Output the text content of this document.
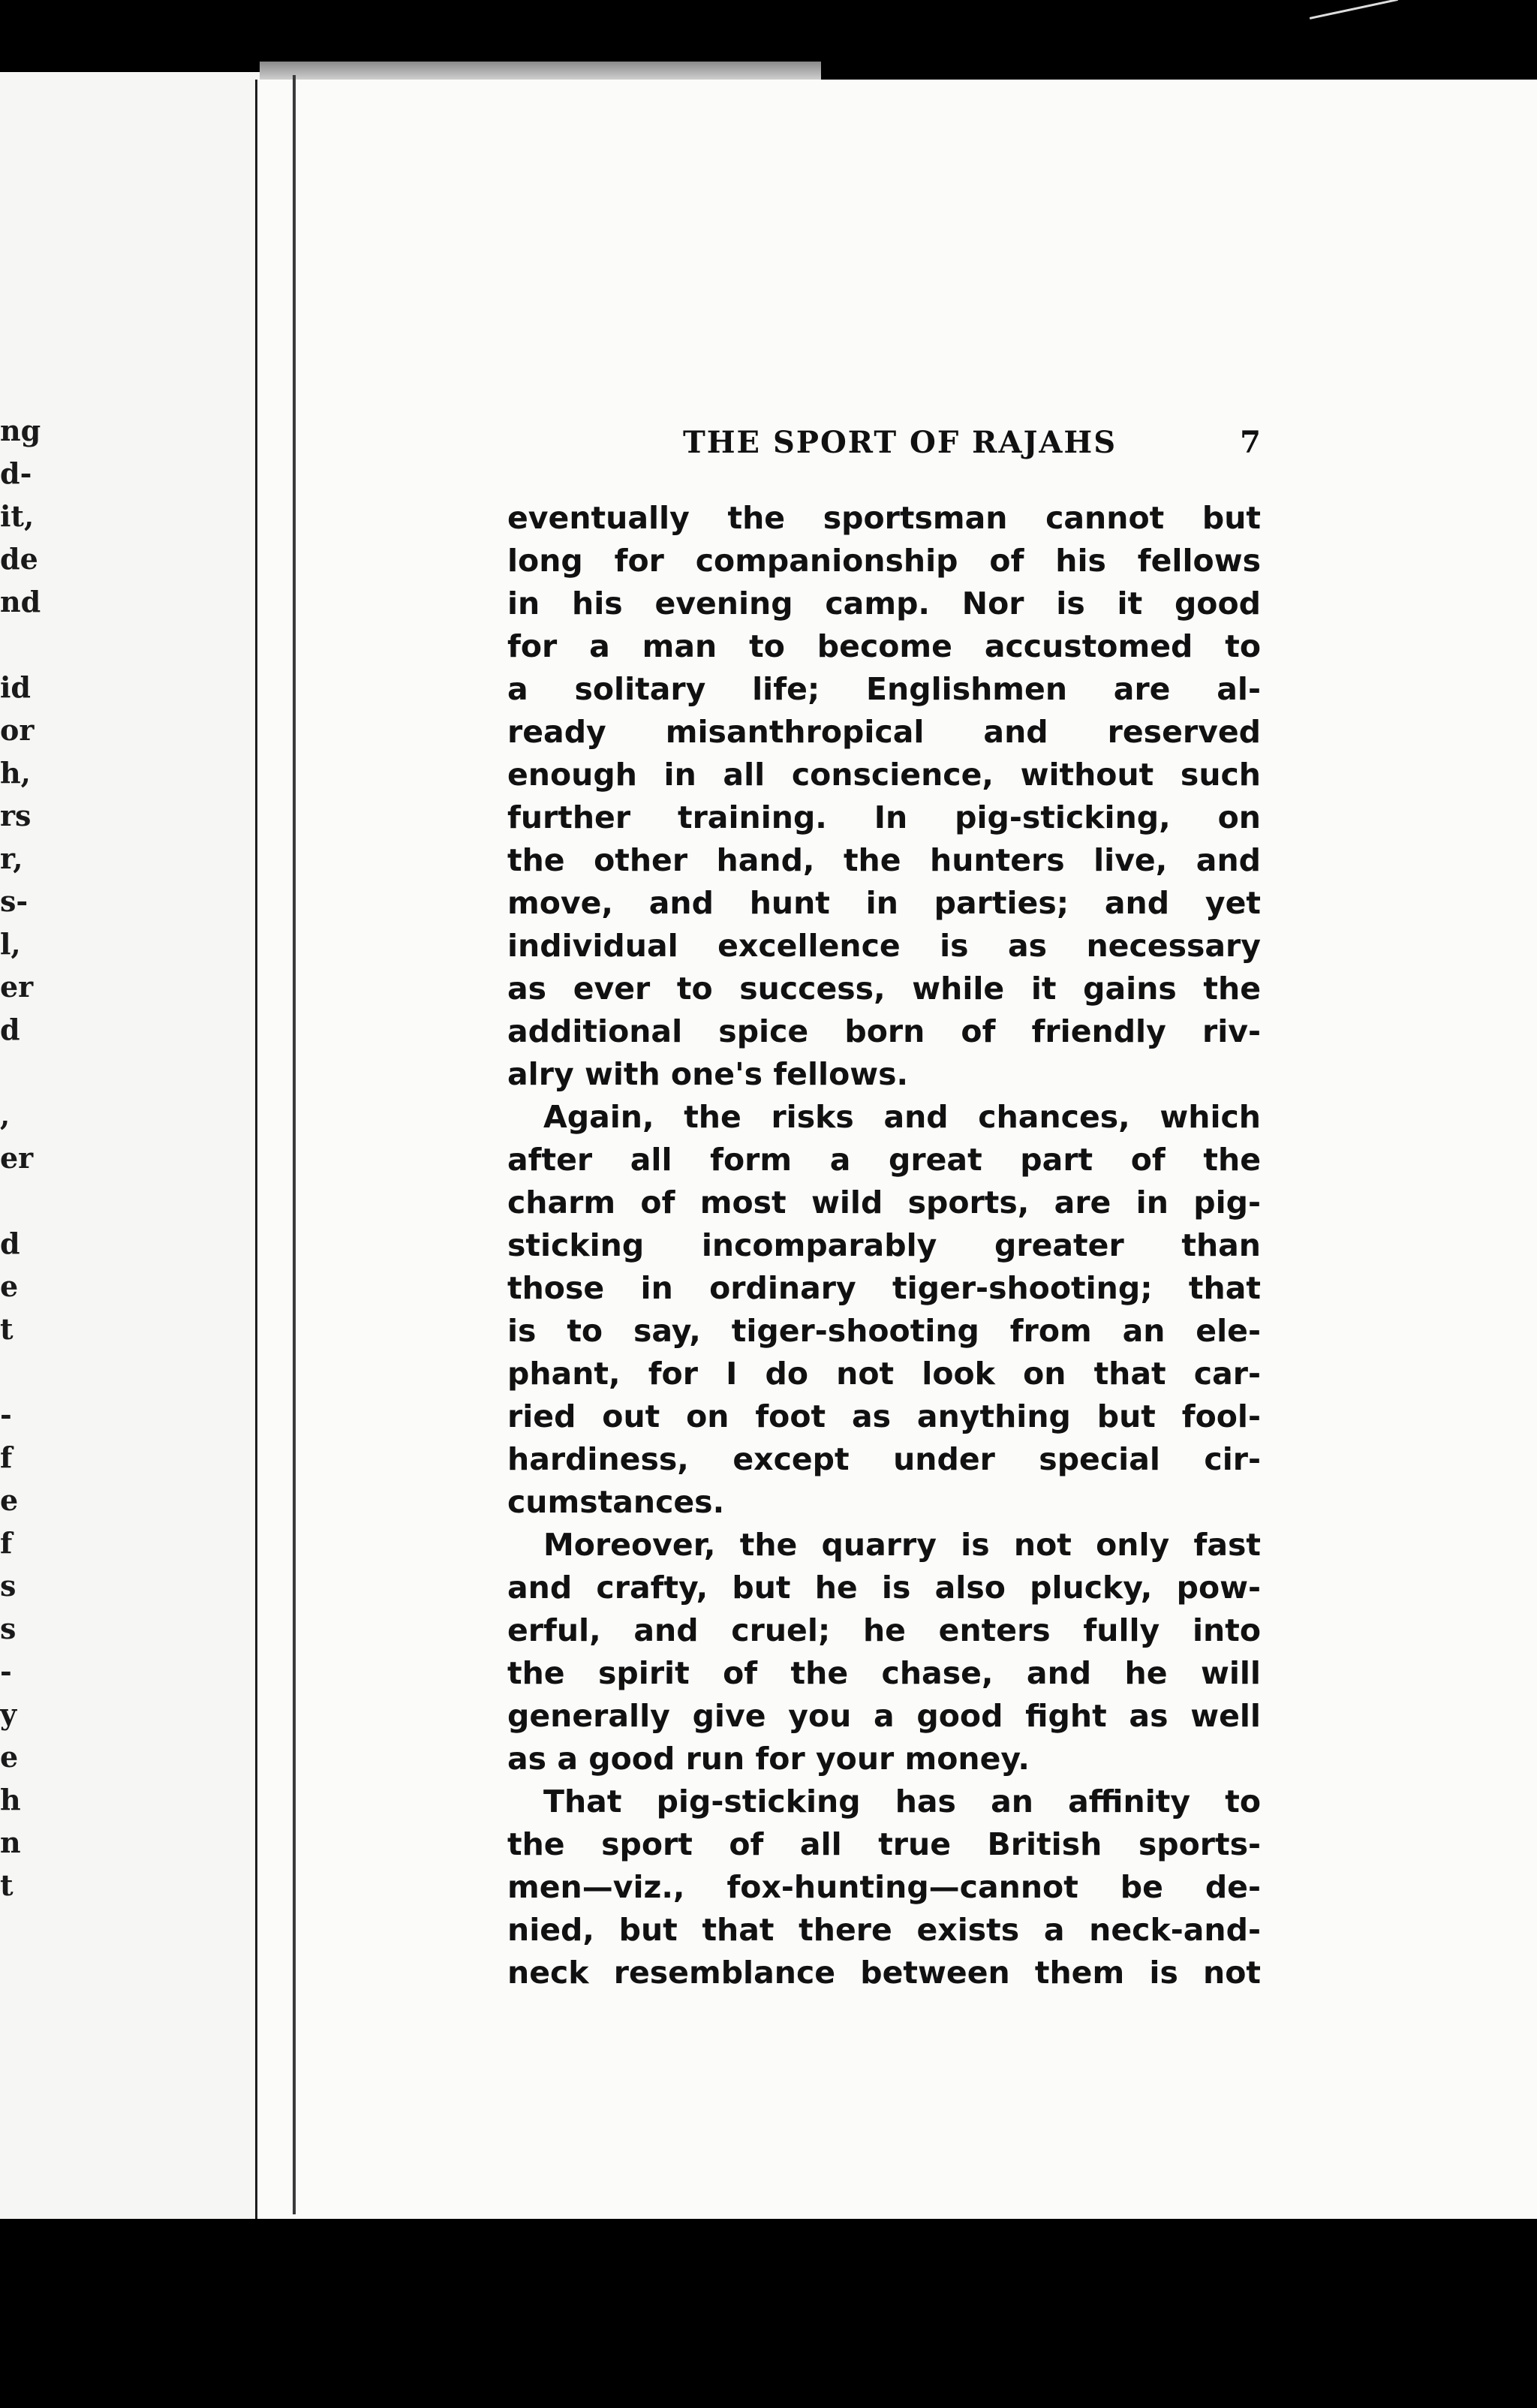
ng
d-
it,
de
nd
id
or
h,
rs
r,
s-
l,
er
d
,
er
d
e
t
-
f
e
f
s
s
-
y
e
h
n
t
THE SPORT OF RAJAHS	7
eventually the sportsman cannot but
long for companionship of his fellows
in his evening camp. Nor is it good
for a man to become accustomed to
a solitary life; Englishmen are al-
ready misanthropical and reserved
enough in all conscience, without such
further training. In pig-sticking, on
the other hand, the hunters live, and
move, and hunt in parties; and yet
individual excellence is as necessary
as ever to success, while it gains the
additional spice born of friendly riv-
alry with one's fellows.
Again, the risks and chances, which
after all form a great part of the
charm of most wild sports, are in pig-
sticking incomparably greater than
those in ordinary tiger-shooting; that
is to say, tiger-shooting from an ele-
phant, for I do not look on that car-
ried out on foot as anything but fool-
hardiness, except under special cir-
cumstances.
Moreover, the quarry is not only fast
and crafty, but he is also plucky, pow-
erful, and cruel; he enters fully into
the spirit of the chase, and he will
generally give you a good fight as well
as a good run for your money.
That pig-sticking has an affinity to
the sport of all true British sports-
men—viz., fox-hunting—cannot be de-
nied, but that there exists a neck-and-
neck resemblance between them is not
